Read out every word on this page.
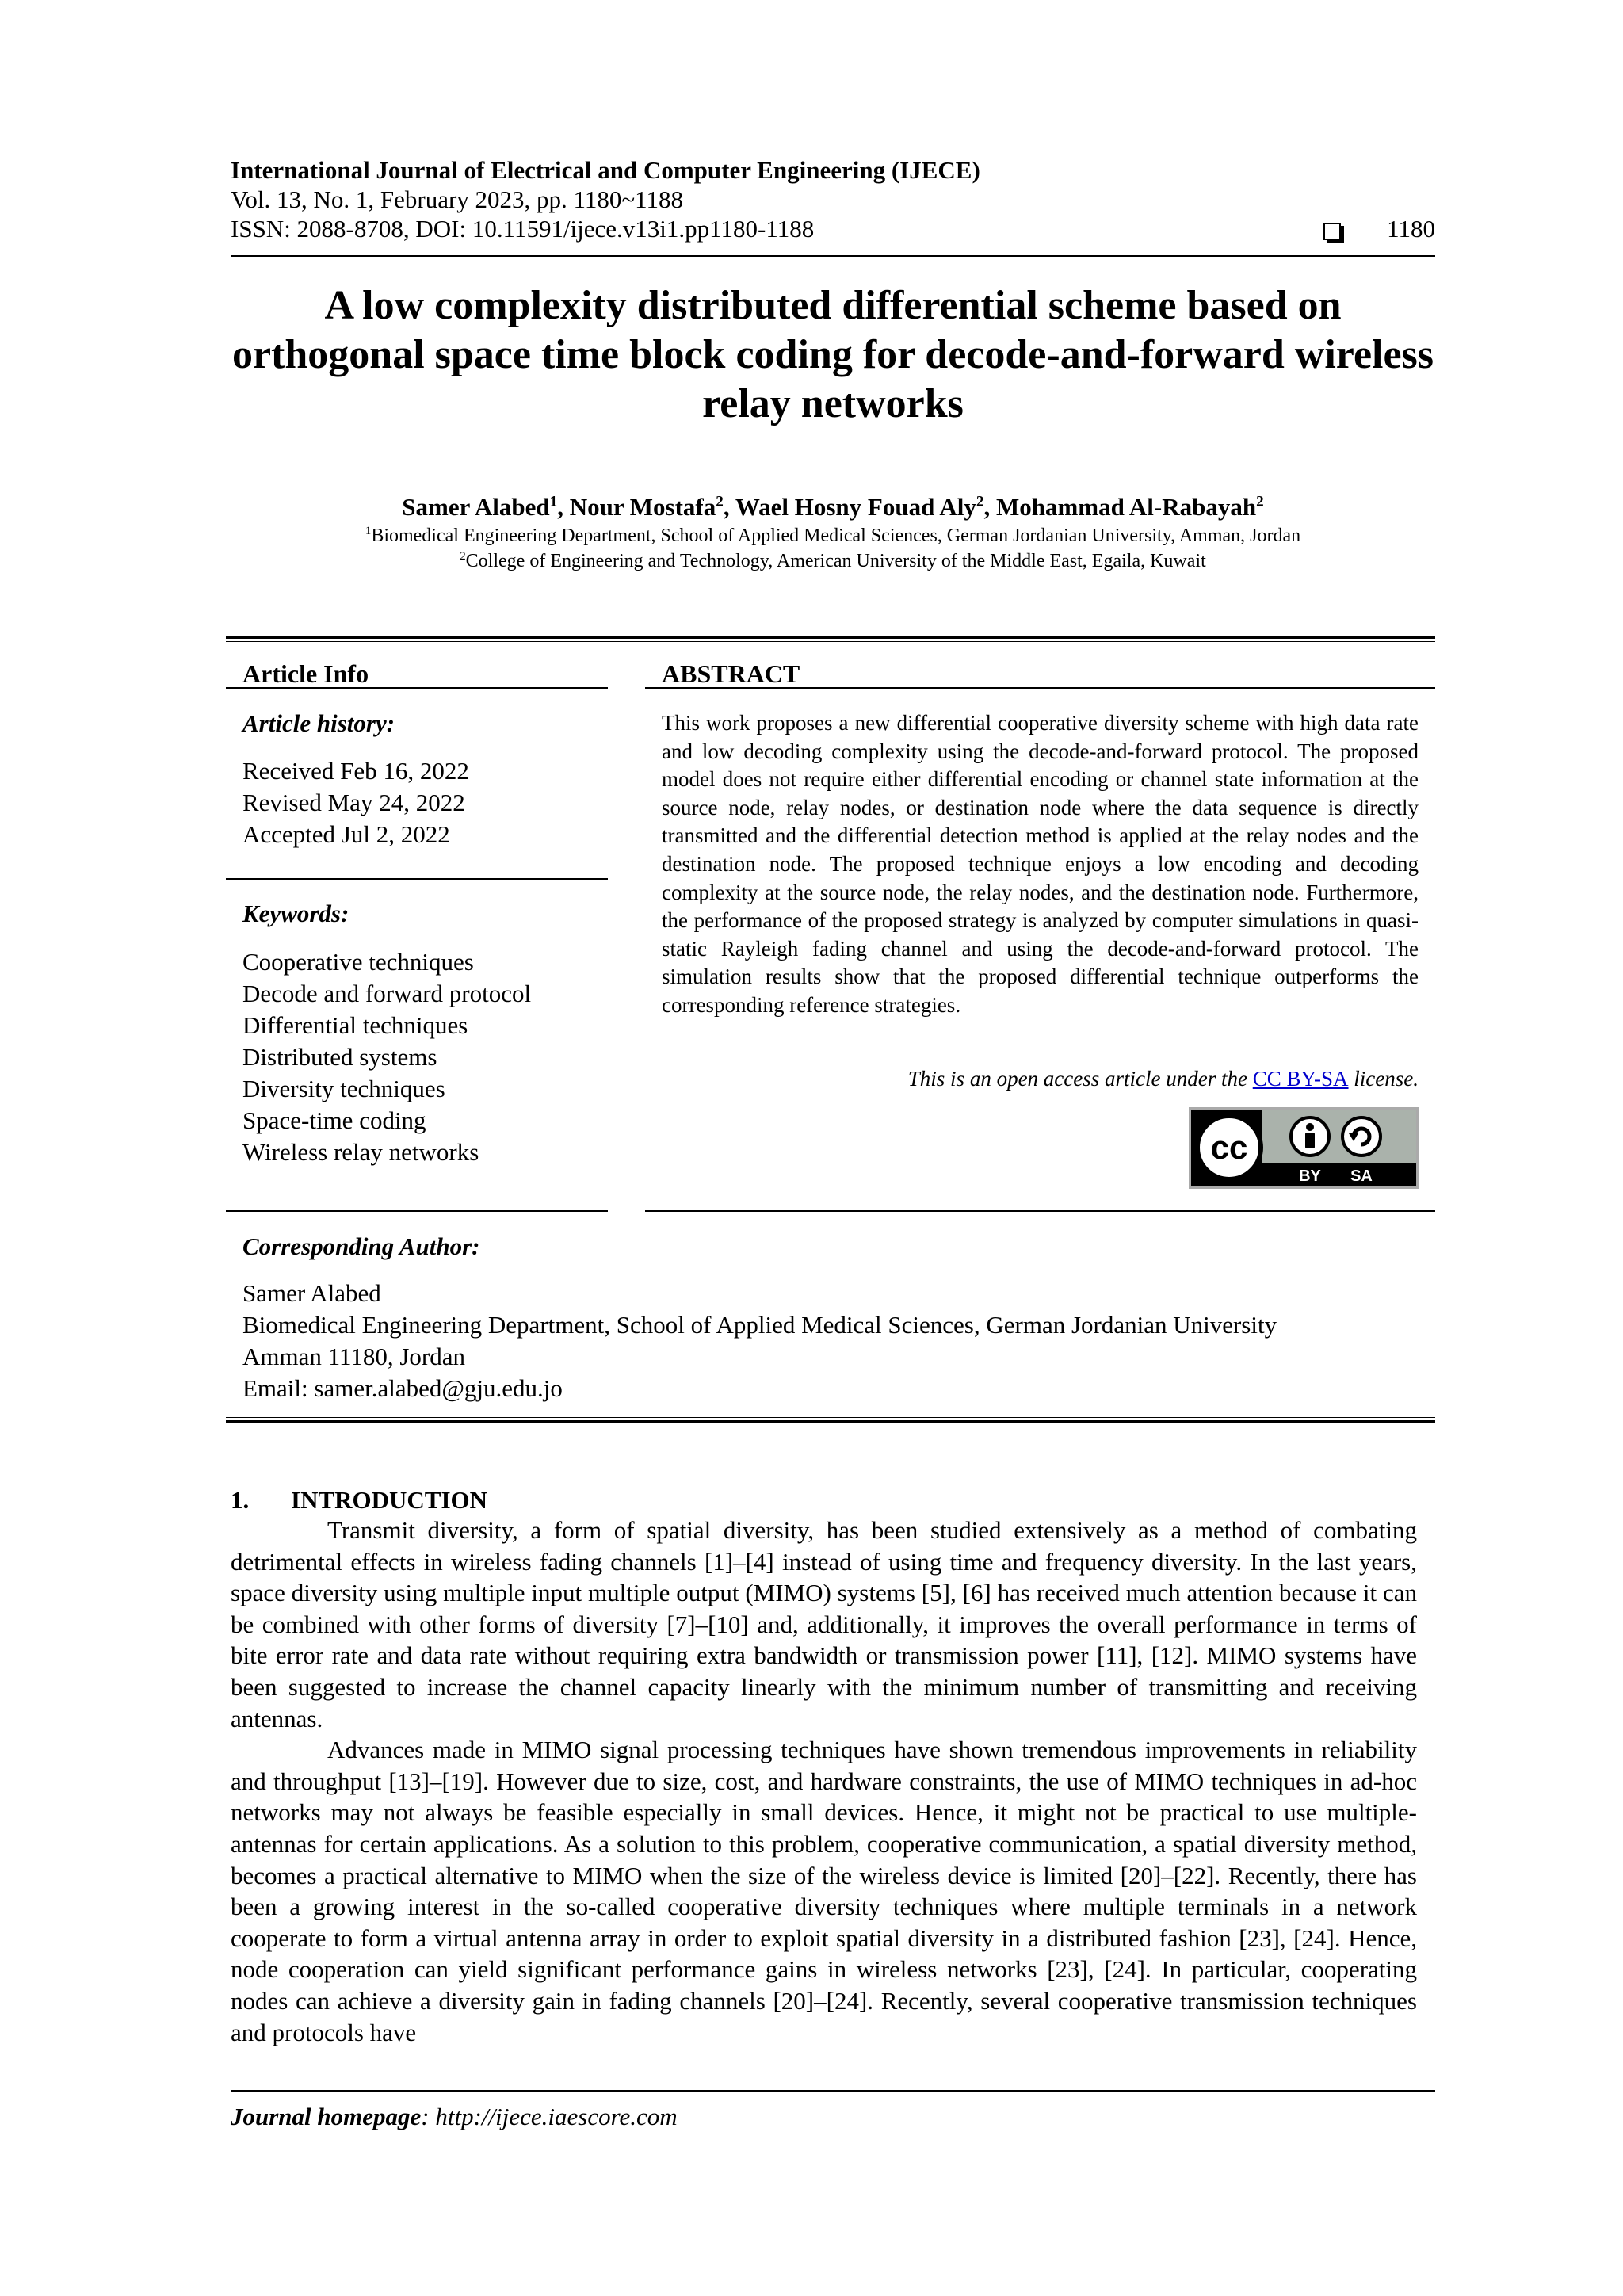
International Journal of Electrical and Computer Engineering (IJECE)
Vol. 13, No. 1, February 2023, pp. 1180~1188
ISSN: 2088-8708, DOI: 10.11591/ijece.v13i1.pp1180-1188	1180
A low complexity distributed differential scheme based on orthogonal space time block coding for decode-and-forward wireless relay networks
Samer Alabed$^1$, Nour Mostafa$^2$, Wael Hosny Fouad Aly$^2$, Mohammad Al-Rabayah$^2$
$^1$Biomedical Engineering Department, School of Applied Medical Sciences, German Jordanian University, Amman, Jordan
$^2$College of Engineering and Technology, American University of the Middle East, Egaila, Kuwait
Article Info
Article history:
Received Feb 16, 2022
Revised May 24, 2022
Accepted Jul 2, 2022
Keywords:
Cooperative techniques
Decode and forward protocol
Differential techniques
Distributed systems
Diversity techniques
Space-time coding
Wireless relay networks
ABSTRACT
This work proposes a new differential cooperative diversity scheme with high data rate and low decoding complexity using the decode-and-forward protocol. The proposed model does not require either differential encoding or channel state information at the source node, relay nodes, or destination node where the data sequence is directly transmitted and the differential detection method is applied at the relay nodes and the destination node. The proposed technique enjoys a low encoding and decoding complexity at the source node, the relay nodes, and the destination node. Furthermore, the performance of the proposed strategy is analyzed by computer simulations in quasi-static Rayleigh fading channel and using the decode-and-forward protocol. The simulation results show that the proposed differential technique outperforms the corresponding reference strategies.
This is an open access article under the CC BY-SA license.
cc
BY SA
Corresponding Author:
Samer Alabed
Biomedical Engineering Department, School of Applied Medical Sciences, German Jordanian University
Amman 11180, Jordan
Email: samer.alabed@gju.edu.jo
1. INTRODUCTION

Transmit diversity, a form of spatial diversity, has been studied extensively as a method of combating detrimental effects in wireless fading channels [1]–[4] instead of using time and frequency diversity. In the last years, space diversity using multiple input multiple output (MIMO) systems [5], [6] has received much attention because it can be combined with other forms of diversity [7]–[10] and, additionally, it improves the overall performance in terms of bite error rate and data rate without requiring extra bandwidth or transmission power [11], [12]. MIMO systems have been suggested to increase the channel capacity linearly with the minimum number of transmitting and receiving antennas.

Advances made in MIMO signal processing techniques have shown tremendous improvements in reliability and throughput [13]–[19]. However due to size, cost, and hardware constraints, the use of MIMO techniques in ad-hoc networks may not always be feasible especially in small devices. Hence, it might not be practical to use multiple-antennas for certain applications. As a solution to this problem, cooperative communication, a spatial diversity method, becomes a practical alternative to MIMO when the size of the wireless device is limited [20]–[22]. Recently, there has been a growing interest in the so-called cooperative diversity techniques where multiple terminals in a network cooperate to form a virtual antenna array in order to exploit spatial diversity in a distributed fashion [23], [24]. Hence, node cooperation can yield significant performance gains in wireless networks [23], [24]. In particular, cooperating nodes can achieve a diversity gain in fading channels [20]–[24]. Recently, several cooperative transmission techniques and protocols have

Journal homepage: http://ijece.iaescore.com
